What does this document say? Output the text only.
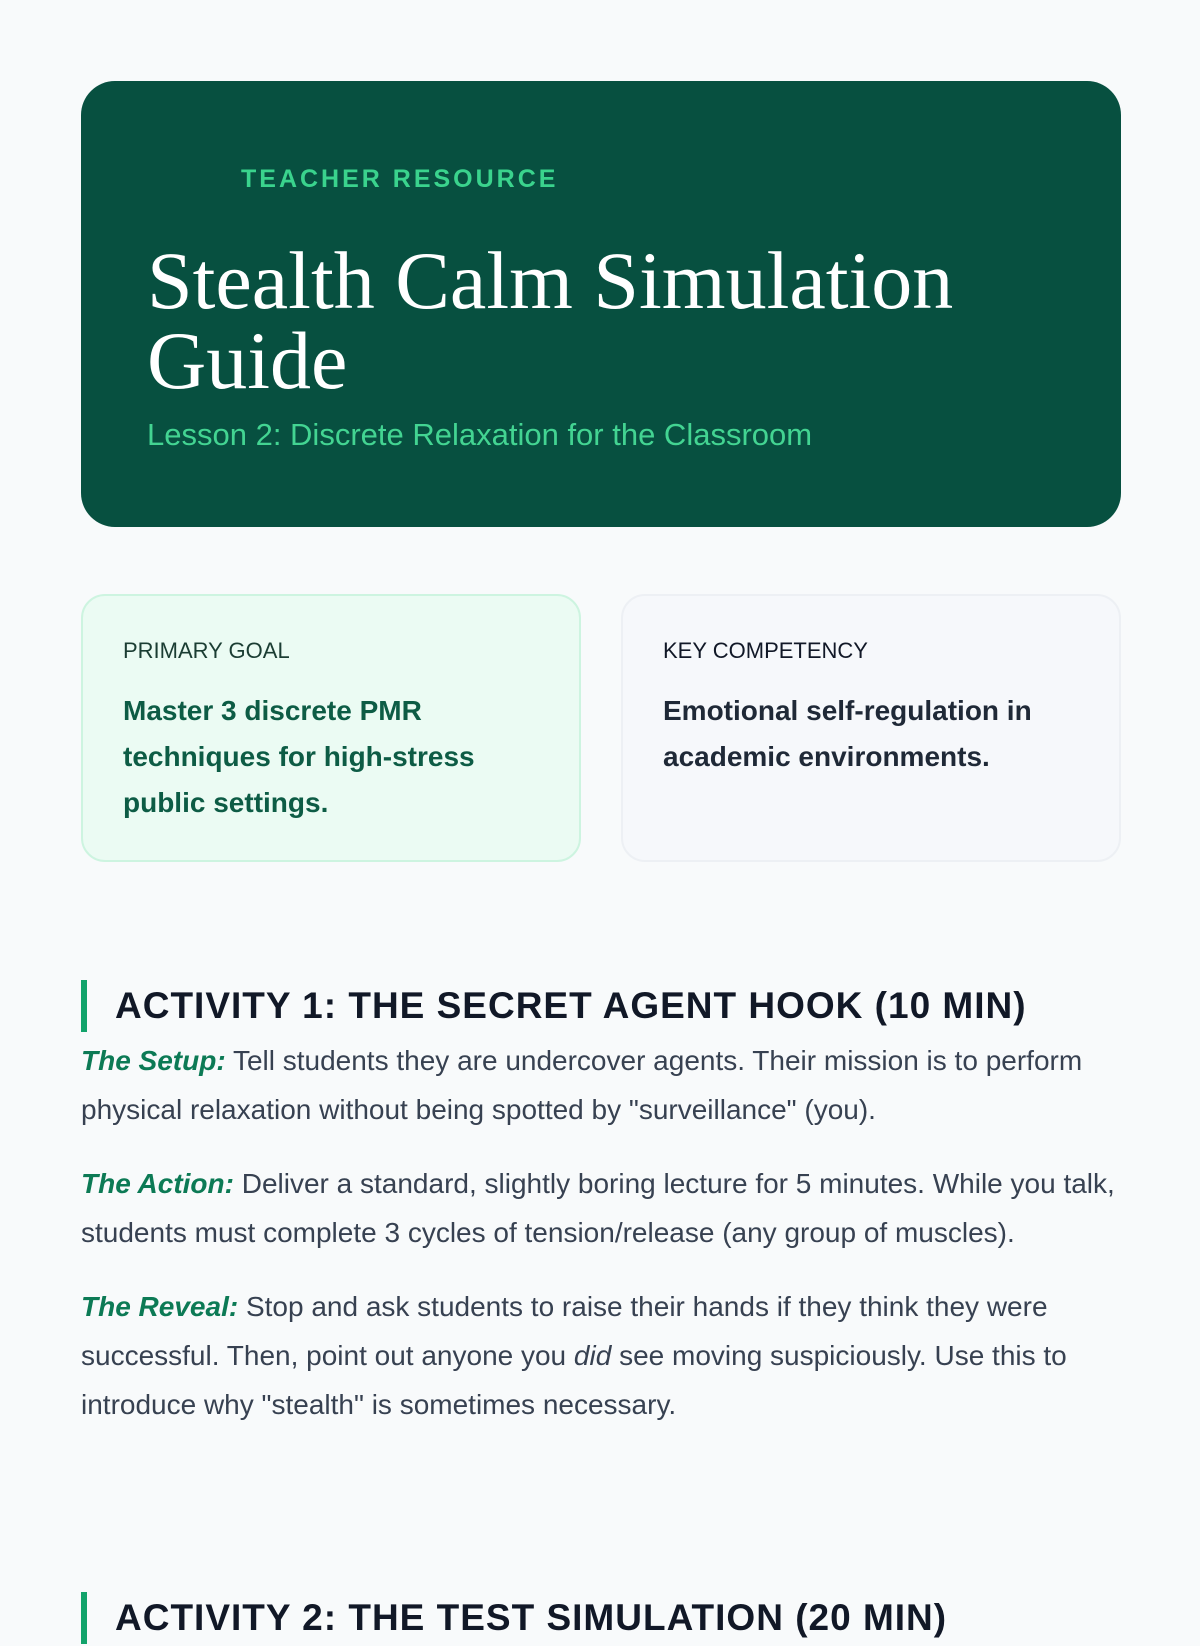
TEACHER RESOURCE
Stealth Calm Simulation Guide
Lesson 2: Discrete Relaxation for the Classroom
PRIMARY GOAL
Master 3 discrete PMR techniques for high-stress public settings.
KEY COMPETENCY
Emotional self-regulation in academic environments.
ACTIVITY 1: THE SECRET AGENT HOOK (10 MIN)

The Setup: Tell students they are undercover agents. Their mission is to perform physical relaxation without being spotted by "surveillance" (you).

The Action: Deliver a standard, slightly boring lecture for 5 minutes. While you talk, students must complete 3 cycles of tension/release (any group of muscles).

The Reveal: Stop and ask students to raise their hands if they think they were successful. Then, point out anyone you did see moving suspiciously. Use this to introduce why "stealth" is sometimes necessary.

ACTIVITY 2: THE TEST SIMULATION (20 MIN)
